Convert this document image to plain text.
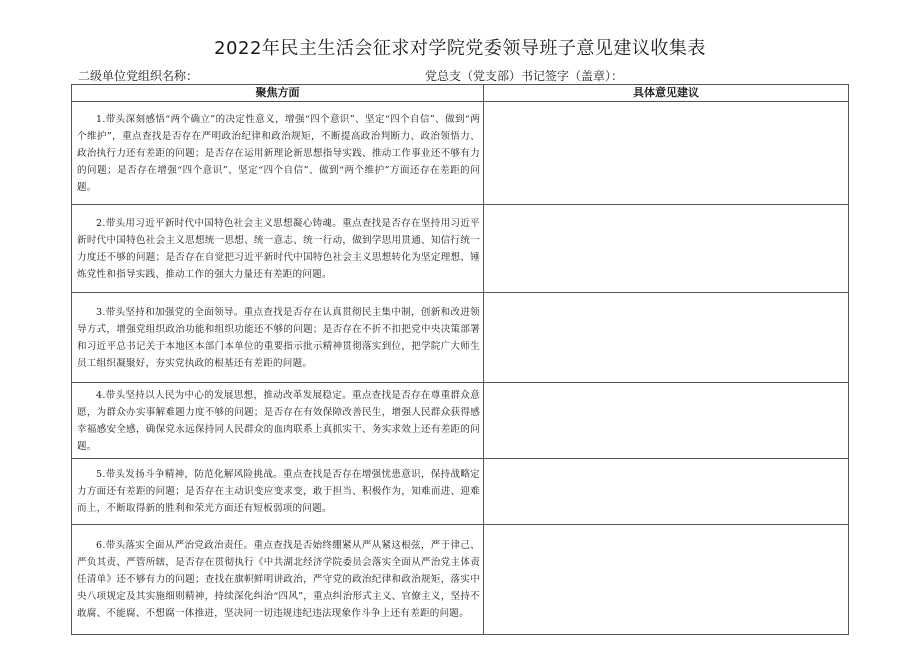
2022年民主生活会征求对学院党委领导班子意见建议收集表
二级单位党组织名称：	党总支（党支部）书记签字（盖章）：
聚焦方面	具体意见建议
1.带头深刻感悟“两个确立”的决定性意义，增强“四个意识”、坚定“四个自信”、做到“两个维护”，重点查找是否存在严明政治纪律和政治规矩，不断提高政治判断力、政治领悟力、政治执行力还有差距的问题；是否存在运用新理论新思想指导实践、推动工作事业还不够有力的问题；是否存在增强“四个意识”、坚定“四个自信”、做到“两个维护”方面还存在差距的问题。	
2.带头用习近平新时代中国特色社会主义思想凝心铸魂。重点查找是否存在坚持用习近平新时代中国特色社会主义思想统一思想、统一意志、统一行动，做到学思用贯通、知信行统一力度还不够的问题；是否存在自觉把习近平新时代中国特色社会主义思想转化为坚定理想、锤炼党性和指导实践、推动工作的强大力量还有差距的问题。	
3.带头坚持和加强党的全面领导。重点查找是否存在认真贯彻民主集中制，创新和改进领导方式，增强党组织政治功能和组织功能还不够的问题；是否存在不折不扣把党中央决策部署和习近平总书记关于本地区本部门本单位的重要指示批示精神贯彻落实到位，把学院广大师生员工组织凝聚好，夯实党执政的根基还有差距的问题。	
4.带头坚持以人民为中心的发展思想，推动改革发展稳定。重点查找是否存在尊重群众意愿，为群众办实事解难题力度不够的问题；是否存在有效保障改善民生，增强人民群众获得感幸福感安全感，确保党永远保持同人民群众的血肉联系上真抓实干、务实求效上还有差距的问题。	
5.带头发扬斗争精神，防范化解风险挑战。重点查找是否存在增强忧患意识，保持战略定力方面还有差距的问题；是否存在主动识变应变求变，敢于担当、积极作为，知难而进、迎难而上，不断取得新的胜利和荣光方面还有短板弱项的问题。	
6.带头落实全面从严治党政治责任。重点查找是否始终绷紧从严从紧这根弦，严于律己、严负其责、严管所辖，是否存在贯彻执行《中共湖北经济学院委员会落实全面从严治党主体责任清单》还不够有力的问题；查找在旗帜鲜明讲政治，严守党的政治纪律和政治规矩，落实中央八项规定及其实施细则精神，持续深化纠治“四风”，重点纠治形式主义、官僚主义，坚持不敢腐、不能腐、不想腐一体推进，坚决同一切违规违纪违法现象作斗争上还有差距的问题。	
